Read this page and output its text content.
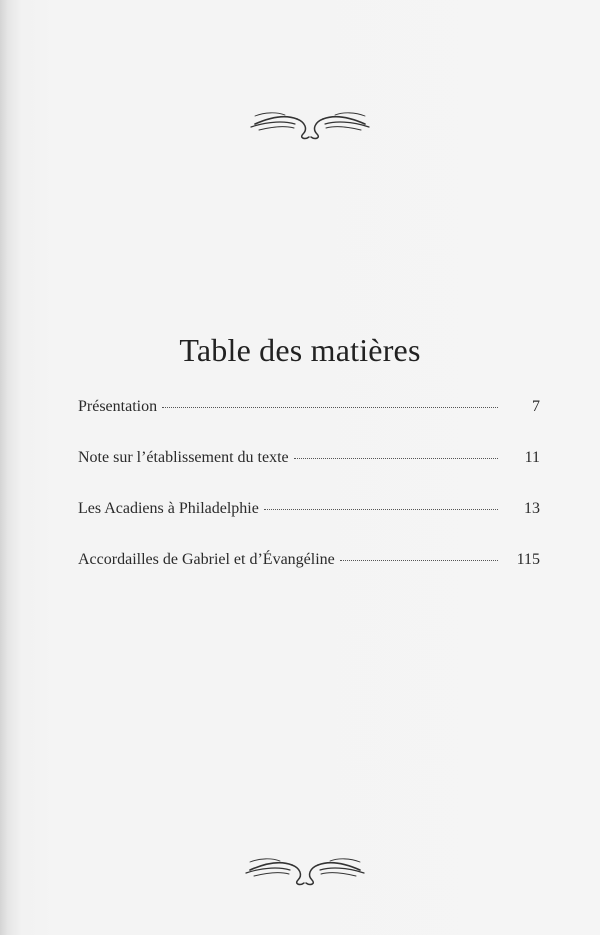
Table des matières
Présentation	7
Note sur l’établissement du texte	11
Les Acadiens à Philadelphie	13
Accordailles de Gabriel et d’Évangéline	115
